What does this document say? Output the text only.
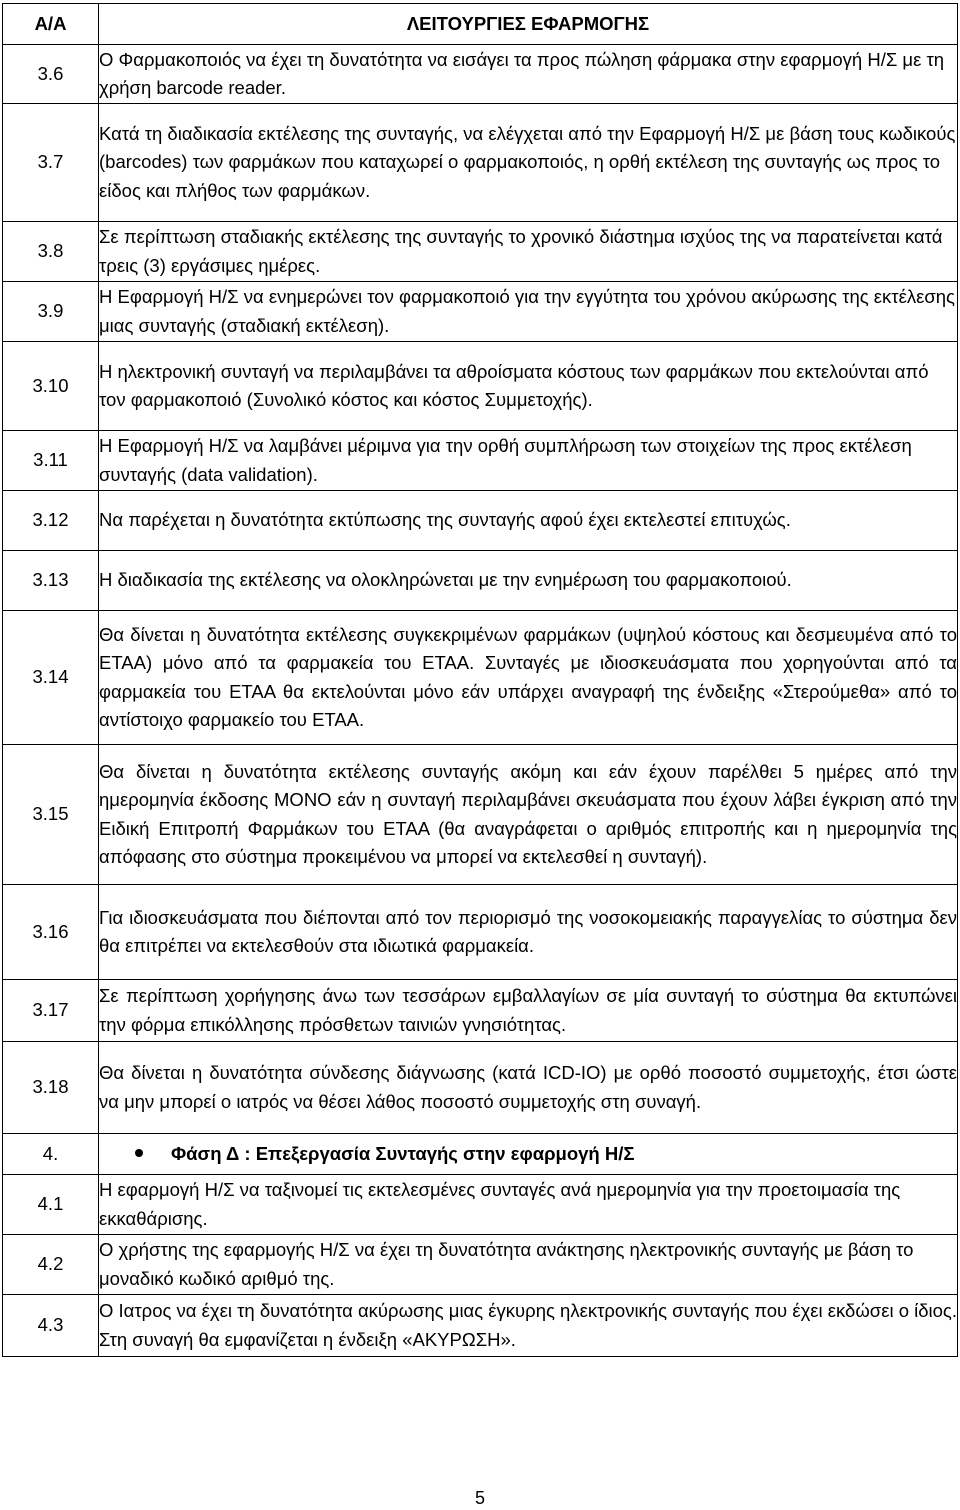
Α/Α	ΛΕΙΤΟΥΡΓΙΕΣ ΕΦΑΡΜΟΓΗΣ
3.6	Ο Φαρμακοποιός να έχει τη δυνατότητα να εισάγει τα προς πώληση φάρμακα στην εφαρμογή Η/Σ με τη χρήση barcode reader.
3.7	Κατά τη διαδικασία εκτέλεσης της συνταγής, να ελέγχεται από την Εφαρμογή Η/Σ με βάση τους κωδικούς (barcodes) των φαρμάκων που καταχωρεί ο φαρμακοποιός, η ορθή εκτέλεση της συνταγής ως προς το είδος και πλήθος των φαρμάκων.
3.8	Σε περίπτωση σταδιακής εκτέλεσης της συνταγής το χρονικό διάστημα ισχύος της να παρατείνεται κατά τρεις (3) εργάσιμες ημέρες.
3.9	Η Εφαρμογή Η/Σ να ενημερώνει τον φαρμακοποιό για την εγγύτητα του χρόνου ακύρωσης της εκτέλεσης μιας συνταγής (σταδιακή εκτέλεση).
3.10	Η ηλεκτρονική συνταγή να περιλαμβάνει τα αθροίσματα κόστους των φαρμάκων που εκτελούνται από τον φαρμακοποιό (Συνολικό κόστος και κόστος Συμμετοχής).
3.11	Η Εφαρμογή Η/Σ να λαμβάνει μέριμνα για την ορθή συμπλήρωση των στοιχείων της προς εκτέλεση συνταγής (data validation).
3.12	Να παρέχεται η δυνατότητα εκτύπωσης της συνταγής αφού έχει εκτελεστεί επιτυχώς.
3.13	Η διαδικασία της εκτέλεσης να ολοκληρώνεται με την ενημέρωση του φαρμακοποιού.
3.14	Θα δίνεται η δυνατότητα εκτέλεσης συγκεκριμένων φαρμάκων (υψηλού κόστους και δεσμευμένα από το ΕΤΑΑ) μόνο από τα φαρμακεία του ΕΤΑΑ. Συνταγές με ιδιοσκευάσματα που χορηγούνται από τα φαρμακεία του ΕΤΑΑ θα εκτελούνται μόνο εάν υπάρχει αναγραφή της ένδειξης «Στερούμεθα» από το αντίστοιχο φαρμακείο του ΕΤΑΑ.
3.15	Θα δίνεται η δυνατότητα εκτέλεσης συνταγής ακόμη και εάν έχουν παρέλθει 5 ημέρες από την ημερομηνία έκδοσης ΜΟΝΟ εάν η συνταγή περιλαμβάνει σκευάσματα που έχουν λάβει έγκριση από την Ειδική Επιτροπή Φαρμάκων του ΕΤΑΑ (θα αναγράφεται ο αριθμός επιτροπής και η ημερομηνία της απόφασης στο σύστημα προκειμένου να μπορεί να εκτελεσθεί η συνταγή).
3.16	Για ιδιοσκευάσματα που διέπονται από τον περιορισμό της νοσοκομειακής παραγγελίας το σύστημα δεν θα επιτρέπει να εκτελεσθούν στα ιδιωτικά φαρμακεία.
3.17	Σε περίπτωση χορήγησης άνω των τεσσάρων εμβαλλαγίων σε μία συνταγή το σύστημα θα εκτυπώνει την φόρμα επικόλλησης πρόσθετων ταινιών γνησιότητας.
3.18	Θα δίνεται η δυνατότητα σύνδεσης διάγνωσης (κατά ICD-IO) με ορθό ποσοστό συμμετοχής, έτσι ώστε να μην μπορεί ο ιατρός να θέσει λάθος ποσοστό συμμετοχής στη συναγή.
4.	Φάση Δ : Επεξεργασία Συνταγής στην εφαρμογή Η/Σ
4.1	Η εφαρμογή Η/Σ να ταξινομεί τις εκτελεσμένες συνταγές ανά ημερομηνία για την προετοιμασία της εκκαθάρισης.
4.2	Ο χρήστης της εφαρμογής Η/Σ να έχει τη δυνατότητα ανάκτησης ηλεκτρονικής συνταγής με βάση το μοναδικό κωδικό αριθμό της.
4.3	Ο Ιατρος να έχει τη δυνατότητα ακύρωσης μιας έγκυρης ηλεκτρονικής συνταγής που έχει εκδώσει ο ίδιος. Στη συναγή θα εμφανίζεται η ένδειξη «ΑΚΥΡΩΣΗ».
5
